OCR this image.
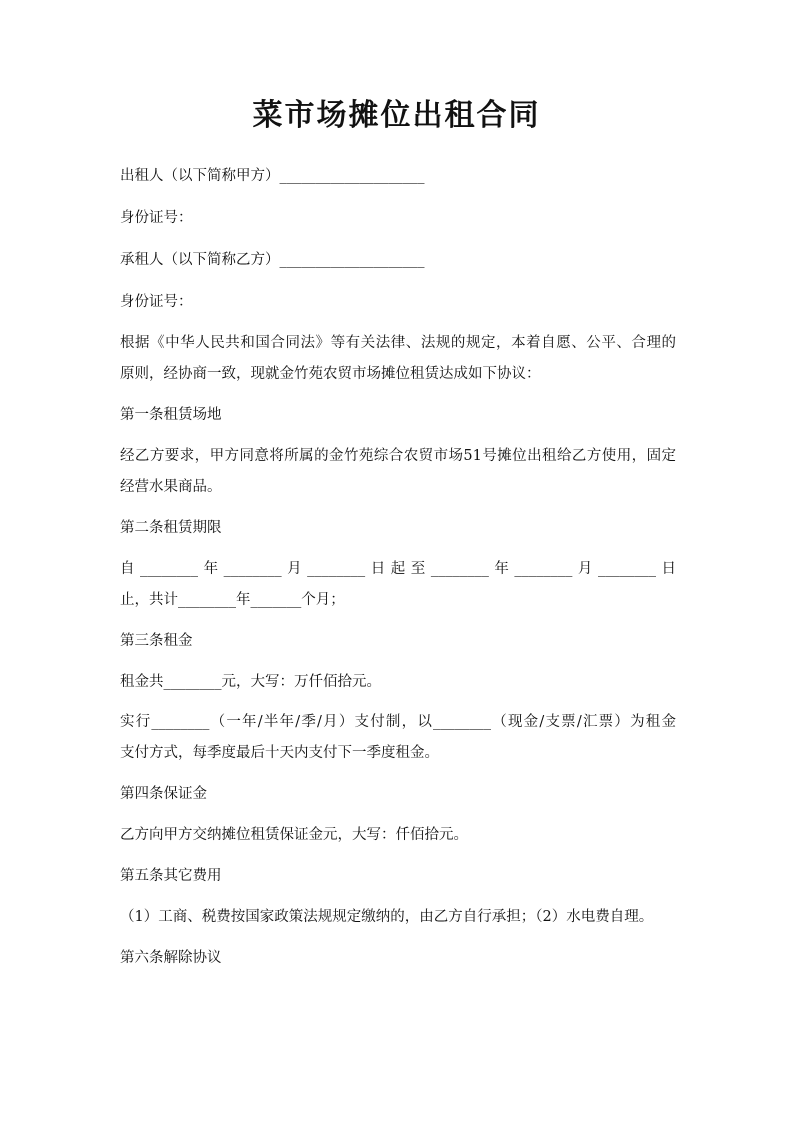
菜市场摊位出租合同
出租人（以下简称甲方）____________________
身份证号：
承租人（以下简称乙方）____________________
身份证号：
根据《中华人民共和国合同法》等有关法律、法规的规定，本着自愿、公平、合理的
原则，经协商一致，现就金竹苑农贸市场摊位租赁达成如下协议：
第一条租赁场地
经乙方要求，甲方同意将所属的金竹苑综合农贸市场51号摊位出租给乙方使用，固定
经营水果商品。
第二条租赁期限
自________年________月________日起至________年________月________日
止，共计________年_______个月；
第三条租金
租金共________元，大写：万仟佰拾元。
实行________（一年/半年/季/月）支付制，以________（现金/支票/汇票）为租金
支付方式，每季度最后十天内支付下一季度租金。
第四条保证金
乙方向甲方交纳摊位租赁保证金元，大写：仟佰拾元。
第五条其它费用
（1）工商、税费按国家政策法规规定缴纳的，由乙方自行承担；（2）水电费自理。
第六条解除协议
